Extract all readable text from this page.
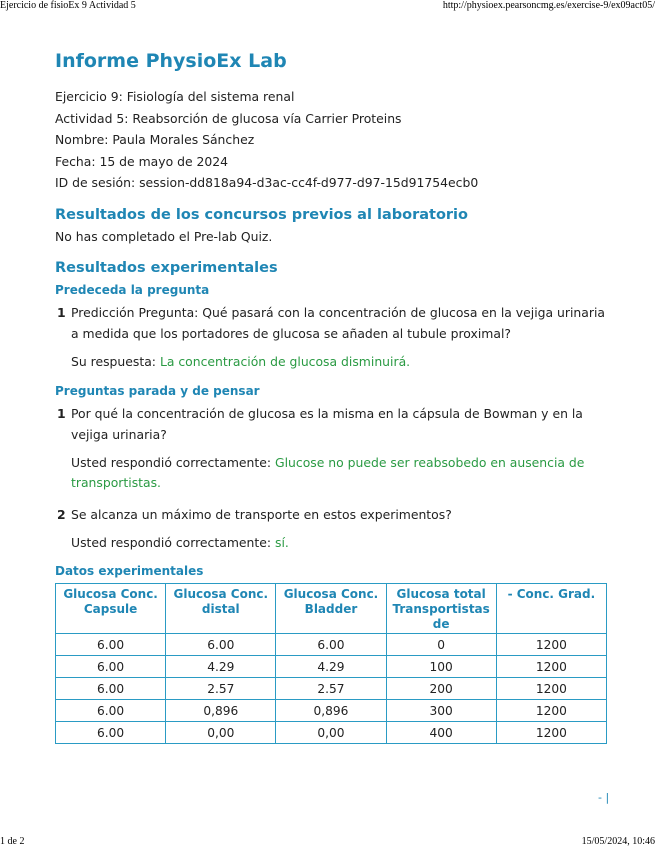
Ejercicio de fisioEx 9 Actividad 5	http://physioex.pearsoncmg.es/exercise-9/ex09act05/
Informe PhysioEx Lab
Ejercicio 9: Fisiología del sistema renal
Actividad 5: Reabsorción de glucosa vía Carrier Proteins
Nombre: Paula Morales Sánchez
Fecha: 15 de mayo de 2024
ID de sesión: session-dd818a94-d3ac-cc4f-d977-d97-15d91754ecb0
Resultados de los concursos previos al laboratorio

No has completado el Pre-lab Quiz.

Resultados experimentales
Predeceda la pregunta
1 Predicción Pregunta: Qué pasará con la concentración de glucosa en la vejiga urinaria a medida que los portadores de glucosa se añaden al tubule proximal?
Su respuesta: La concentración de glucosa disminuirá.
Preguntas parada y de pensar
1 Por qué la concentración de glucosa es la misma en la cápsula de Bowman y en la vejiga urinaria?
Usted respondió correctamente: Glucose no puede ser reabsobedo en ausencia de transportistas.
2 Se alcanza un máximo de transporte en estos experimentos?
Usted respondió correctamente: sí.
Datos experimentales
Glucosa Conc. Capsule	Glucosa Conc. distal	Glucosa Conc. Bladder	Glucosa total Transportistas de	- Conc. Grad.
6.00	6.00	6.00	0	1200
6.00	4.29	4.29	100	1200
6.00	2.57	2.57	200	1200
6.00	0,896	0,896	300	1200
6.00	0,00	0,00	400	1200
- |
1 de 2	15/05/2024, 10:46
